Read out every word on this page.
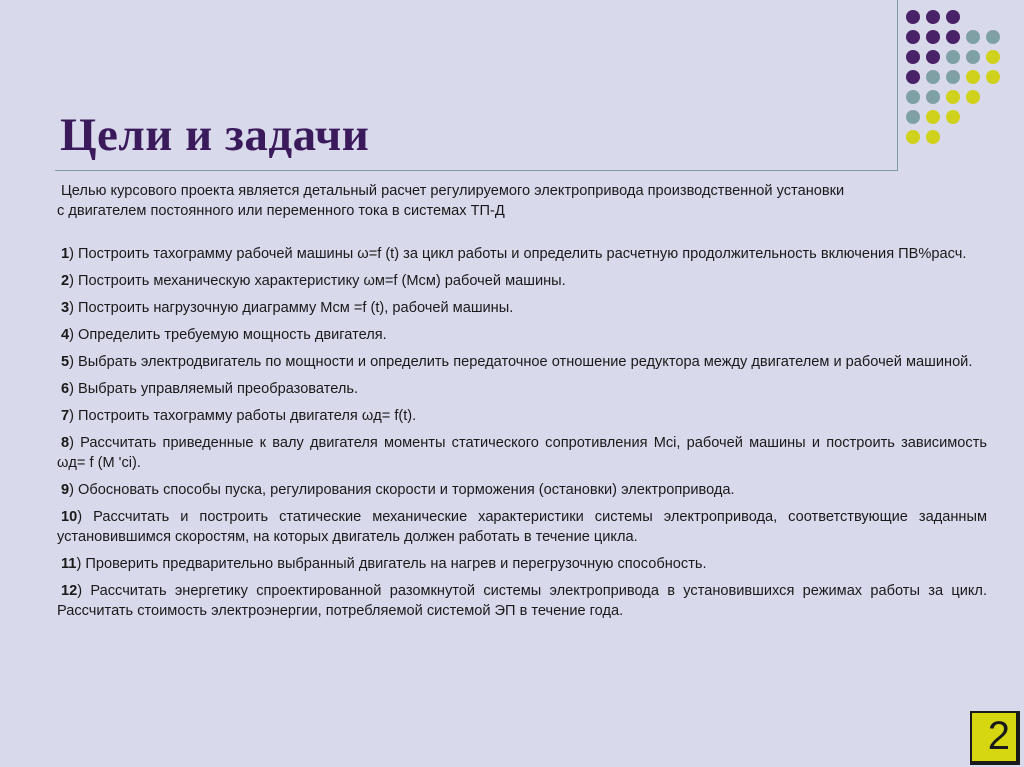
Цели и задачи

Целью курсового проекта является детальный расчет регулируемого электропривода производственной установки
с двигателем постоянного или переменного тока в системах ТП-Д

1) Построить тахограмму рабочей машины ω=f (t) за цикл работы и определить расчетную продолжительность включения ПВ%расч.

2) Построить механическую характеристику ωм=f (Mсм) рабочей машины.

3) Построить нагрузочную диаграмму Mсм =f (t), рабочей машины.

4) Определить требуемую мощность двигателя.

5) Выбрать электродвигатель по мощности и определить передаточное отношение редуктора между двигателем и рабочей машиной.

6) Выбрать управляемый преобразователь.

7) Построить тахограмму работы двигателя ωд= f(t).

8) Рассчитать приведенные к валу двигателя моменты статического сопротивления Mсi, рабочей машины и построить зависимость ωд= f (M 'сi).

9) Обосновать способы пуска, регулирования скорости и торможения (остановки) электропривода.

10) Рассчитать и построить статические механические характеристики системы электропривода, соответствующие заданным установившимся скоростям, на которых двигатель должен работать в течение цикла.

11) Проверить предварительно выбранный двигатель на нагрев и перегрузочную способность.

12) Рассчитать энергетику спроектированной разомкнутой системы электропривода в установившихся режимах работы за цикл. Рассчитать стоимость электроэнергии, потребляемой системой ЭП в течение года.

2
